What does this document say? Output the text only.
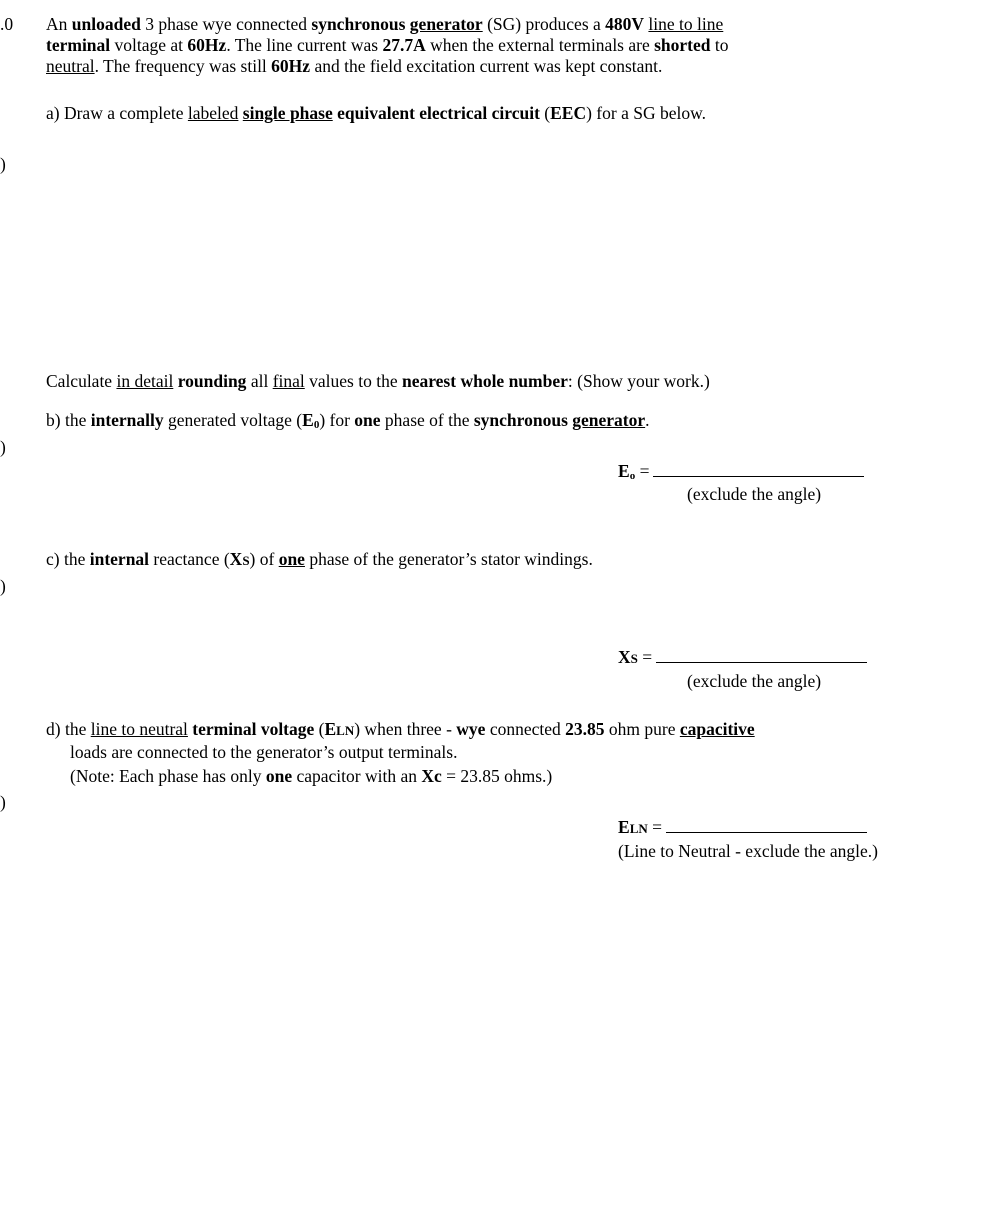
.0 An unloaded 3 phase wye connected synchronous generator (SG) produces a 480V line to line
terminal voltage at 60Hz. The line current was 27.7A when the external terminals are shorted to
neutral. The frequency was still 60Hz and the field excitation current was kept constant.
a) Draw a complete labeled single phase equivalent electrical circuit (EEC) for a SG below.
)
Calculate in detail rounding all final values to the nearest whole number: (Show your work.)
b) the internally generated voltage $(E_0)$ for one phase of the synchronous generator.
)
$E_o$ =
(exclude the angle)
c) the internal reactance (XS) of one phase of the generator’s stator windings.
)
XS =
(exclude the angle)
d) the line to neutral terminal voltage (ELN) when three - wye connected 23.85 ohm pure capacitive
loads are connected to the generator’s output terminals.
(Note: Each phase has only one capacitor with an Xc = 23.85 ohms.)
)
ELN =
(Line to Neutral - exclude the angle.)
